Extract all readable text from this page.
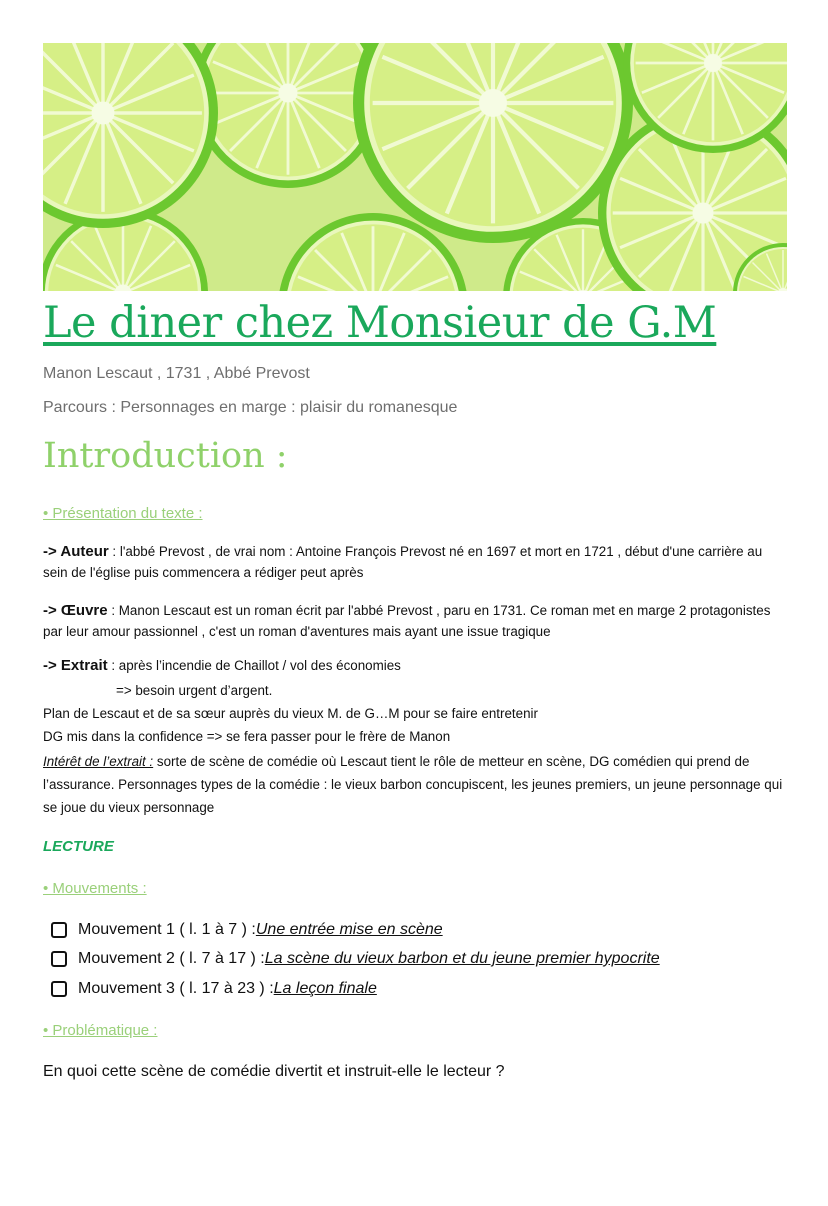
Le diner chez Monsieur de G.M
Manon Lescaut , 1731 , Abbé Prevost
Parcours : Personnages en marge : plaisir du romanesque
Introduction :
• Présentation du texte :
-> Auteur : l'abbé Prevost , de vrai nom : Antoine François Prevost né en 1697 et mort en 1721 , début d'une carrière au sein de l'église puis commencera a rédiger peut après
-> Œuvre : Manon Lescaut est un roman écrit par l'abbé Prevost , paru en 1731. Ce roman met en marge 2 protagonistes par leur amour passionnel , c'est un roman d'aventures mais ayant une issue tragique
-> Extrait : après l’incendie de Chaillot / vol des économies
=> besoin urgent d’argent.
Plan de Lescaut et de sa sœur auprès du vieux M. de G…M pour se faire entretenir
DG mis dans la confidence => se fera passer pour le frère de Manon
Intérêt de l’extrait : sorte de scène de comédie où Lescaut tient le rôle de metteur en scène, DG comédien qui prend de l’assurance. Personnages types de la comédie : le vieux barbon concupiscent, les jeunes premiers, un jeune personnage qui se joue du vieux personnage
LECTURE
• Mouvements :
Mouvement 1 ( l. 1 à 7 ) : Une entrée mise en scène
Mouvement 2 ( l. 7 à 17 ) : La scène du vieux barbon et du jeune premier hypocrite
Mouvement 3 ( l. 17 à 23 ) : La leçon finale
• Problématique :
En quoi cette scène de comédie divertit et instruit-elle le lecteur ?
